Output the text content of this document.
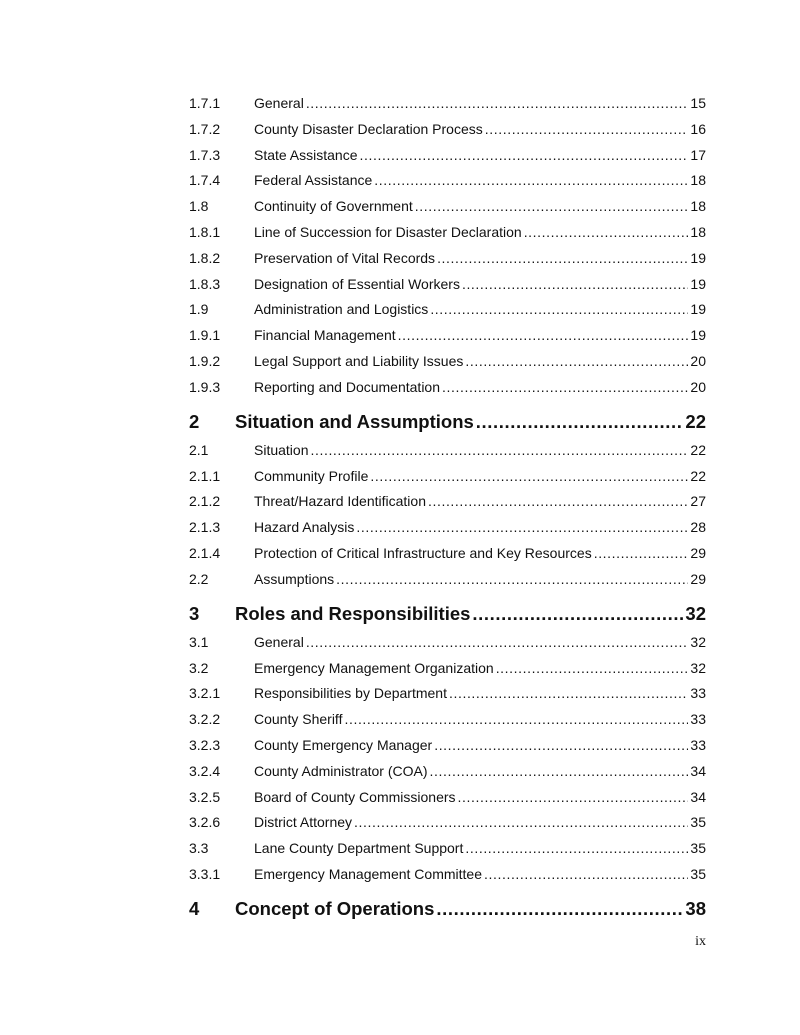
1.7.1	General .....	15
1.7.2	County Disaster Declaration Process .....	16
1.7.3	State Assistance .....	17
1.7.4	Federal Assistance .....	18
1.8	Continuity of Government .....	18
1.8.1	Line of Succession for Disaster Declaration .....	18
1.8.2	Preservation of Vital Records .....	19
1.8.3	Designation of Essential Workers .....	19
1.9	Administration and Logistics .....	19
1.9.1	Financial Management .....	19
1.9.2	Legal Support and Liability Issues .....	20
1.9.3	Reporting and Documentation .....	20
2	Situation and Assumptions .....	22
2.1	Situation .....	22
2.1.1	Community Profile .....	22
2.1.2	Threat/Hazard Identification .....	27
2.1.3	Hazard Analysis .....	28
2.1.4	Protection of Critical Infrastructure and Key Resources .....	29
2.2	Assumptions .....	29
3	Roles and Responsibilities .....	32
3.1	General .....	32
3.2	Emergency Management Organization .....	32
3.2.1	Responsibilities by Department .....	33
3.2.2	County Sheriff .....	33
3.2.3	County Emergency Manager .....	33
3.2.4	County Administrator (COA) .....	34
3.2.5	Board of County Commissioners .....	34
3.2.6	District Attorney .....	35
3.3	Lane County Department Support .....	35
3.3.1	Emergency Management Committee .....	35
4	Concept of Operations .....	38
ix
